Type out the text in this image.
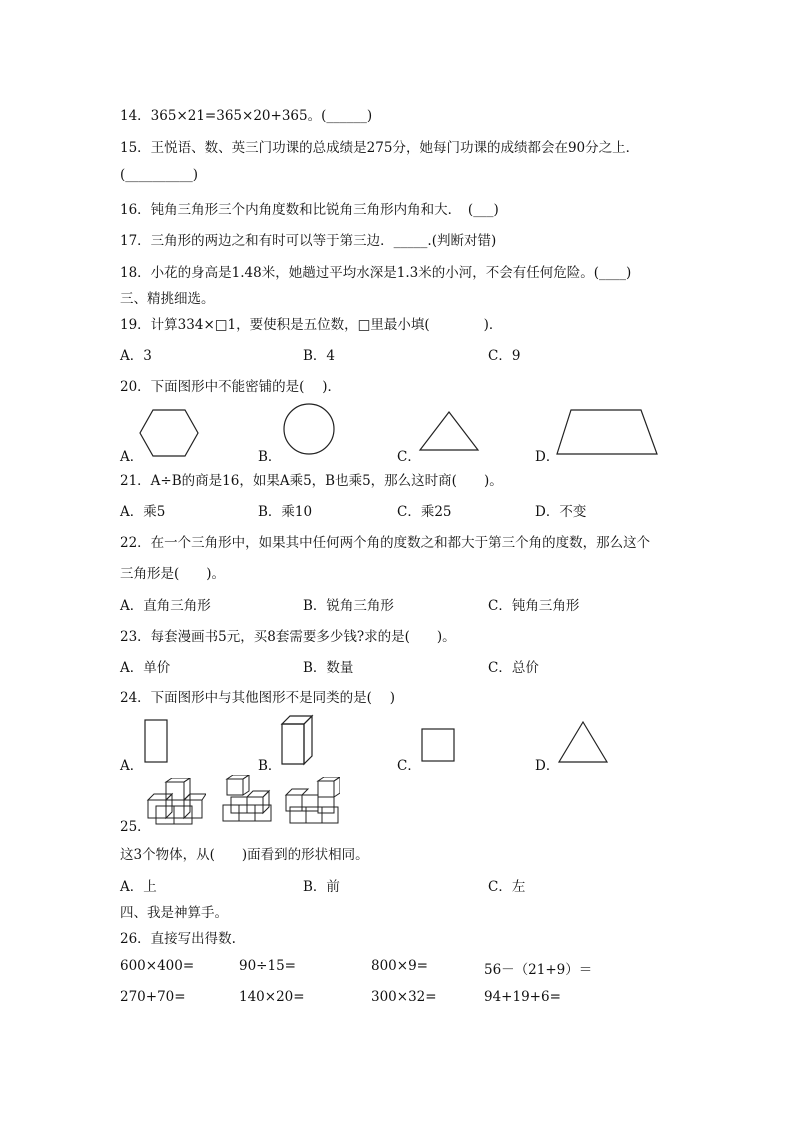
14．365×21=365×20+365。(______)
15．王悦语、数、英三门功课的总成绩是275分，她每门功课的成绩都会在90分之上．
(__________)
16．钝角三角形三个内角度数和比锐角三角形内角和大．　(___)
17．三角形的两边之和有时可以等于第三边．_____.(判断对错)
18．小花的身高是1.48米，她趟过平均水深是1.3米的小河，不会有任何危险。(____)
三、精挑细选。
19．计算334×□1，要使积是五位数，□里最小填(　　　　)．
A．3	B．4	C．9
20．下面图形中不能密铺的是(　 )．
A．	B．	C．	D．
21．A÷B的商是16，如果A乘5，B也乘5，那么这时商(　　)。
A．乘5	B．乘10	C．乘25	D．不变
22．在一个三角形中，如果其中任何两个角的度数之和都大于第三个角的度数，那么这个
三角形是(　　)。
A．直角三角形	B．锐角三角形	C．钝角三角形
23．每套漫画书5元，买8套需要多少钱?求的是(　　)。
A．单价	B．数量	C．总价
24．下面图形中与其他图形不是同类的是(　 )
A．	B．	C．	D．
25．
这3个物体，从(　　)面看到的形状相同。
A．上	B．前	C．左
四、我是神算手。
26．直接写出得数.
600×400=	90÷15=	800×9=	56－（21+9）＝
270+70=	140×20=	300×32=	94+19+6=
